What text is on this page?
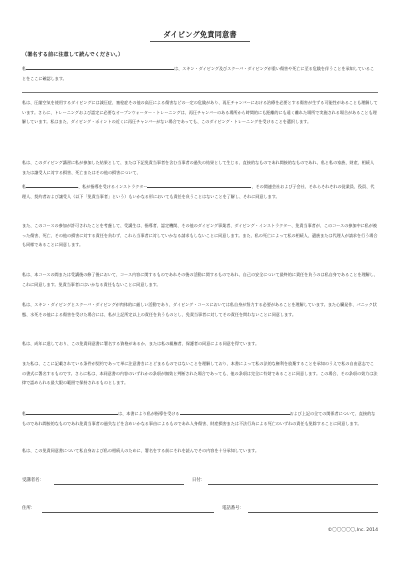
ダイビング免責同意書
（署名する前に注意して読んでください。）

私	は、スキン・ダイビング及びスクーバ・ダイビングが重い傷害や死亡に至る危険を伴うことを承知していることをここに確認します。

私は、圧縮空気を使用するダイビングには減圧症、塞栓症その他の高圧による傷害などの一定の危険があり、再圧チャンバーにおける治療を必要とする傷害が生ずる可能性があることも理解しています。さらに、トレーニングおよび認定に必要なオープンウォーター・トレーニングは、再圧チャンバーのある場所から時間的にも距離的にも遠く離れた場所で実施される場合があることも理解しています。私はまた、ダイビング・ポイントの近くに再圧チャンバーがない場合であっても、このダイビング・トレーニングを受けることを選択します。

私は、このダイビング講習に私が参加した結果として、または下記免責当事者を含む当事者の過失の結果として生じる、直接的なものであれ間接的なものであれ、私と私の家族、財産、相続人または譲受人に対する損害、死亡またはその他の損害について、

私	、私が指導を受けるインストラクター	、その関連会社および子会社、それらそれぞれの従業員、役員、代理人、契約者および譲受人（以下「免責当事者」という）もいかなる形においても責任を負うことはないことを了解し、それに同意します。

また、このコースの参加が許可されたことを考慮して、受講生は、指導者、認定機関、その他のダイビング事業者、ダイビング・インストラクター、免責当事者が、このコースの参加中に私が被った傷害、死亡、その他の損害に対する責任を負わず、これら当事者に対していかなる請求もしないことに同意します。また、私の死亡によって私の相続人、遺族または代理人が請求を行う場合も同様であることに同意します。

私は、本コースの間または受講後の修了後において、コース内容に関するものであれその後の活動に関するものであれ、自己の安全について最終的に責任を負うのは私自身であることを理解し、これに同意します。免責当事者にはいかなる責任もないことに同意します。

私は、スキン・ダイビングとスクーバ・ダイビングが肉体的に厳しい活動であり、ダイビング・コースにおいては私自身が努力する必要があることを理解しています。また心臓発作、パニック状態、水死その他による傷害を受けた場合には、私が上記所定以上の責任を負うものとし、免責当事者に対してその責任を問わないことに同意します。

私は、成年に達しており、この免責同意書に署名する資格があるか、または私の親権者、保護者の同意による同意を得ています。

また私は、ここに記載されている条件が契約であって単に注意書きにとどまるものではないことを理解しており、本書によって私の法的な権利を放棄することを承知のうえで私の自由意志でこの書式に署名するものです。さらに私は、本同意書の内容のいずれかの条項が無効と判断された場合であっても、他の条項は完全に有効であることに同意します。この場合、その条項の効力は法律で認められる最大限の範囲で保持されるものとします。

私	は、本書により私が指導を受ける	および上記の全ての関係者について、直接的なものであれ間接的なものであれ免責当事者の過失などを含めいかなる事由によるものであれ人身傷害、財産損害または不法行為による死亡のいずれの責任も免除することに同意します。

私は、この免責同意書について私自身および私の相続人のために、署名をする前にそれを読んでその内容を十分承知しています。

受講者名：	日付：
住所：	電話番号：
©〇〇〇〇〇,Inc. 2014
